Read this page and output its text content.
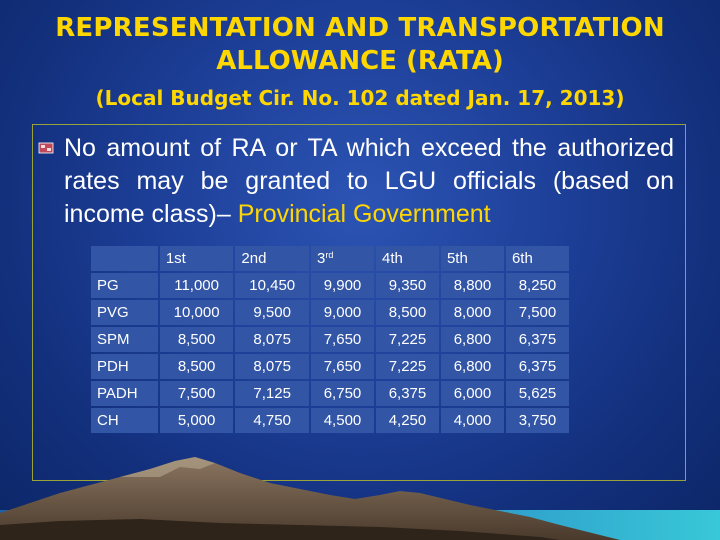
REPRESENTATION AND TRANSPORTATION
ALLOWANCE (RATA)
(Local Budget Cir. No. 102 dated Jan. 17, 2013)
No amount of RA or TA which exceed the authorized rates may be granted to LGU officials (based on income class)– Provincial Government
	1st	2nd	3rd	4th	5th	6th
PG	11,000	10,450	9,900	9,350	8,800	8,250
PVG	10,000	9,500	9,000	8,500	8,000	7,500
SPM	8,500	8,075	7,650	7,225	6,800	6,375
PDH	8,500	8,075	7,650	7,225	6,800	6,375
PADH	7,500	7,125	6,750	6,375	6,000	5,625
CH	5,000	4,750	4,500	4,250	4,000	3,750
